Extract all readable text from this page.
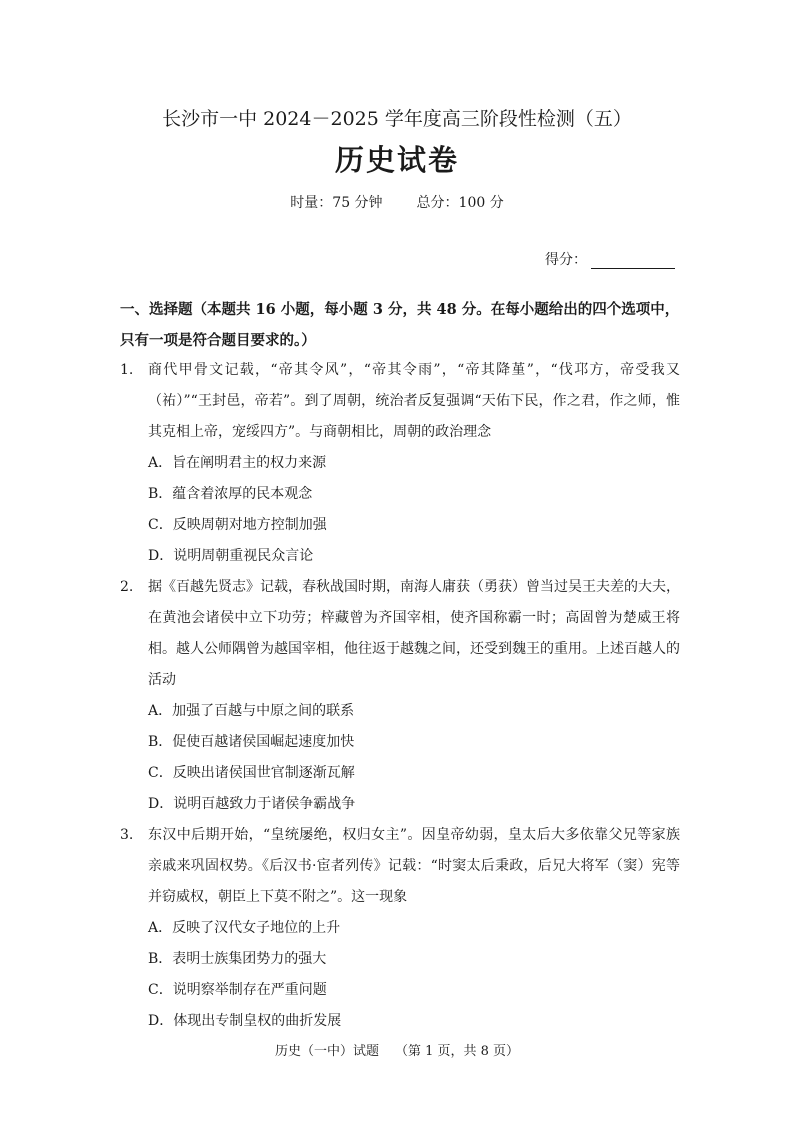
长沙市一中 2024－2025 学年度高三阶段性检测（五）
历史试卷
时量：75 分钟 总分：100 分
得分：
一、选择题（本题共 16 小题，每小题 3 分，共 48 分。在每小题给出的四个选项中，只有一项是符合题目要求的。）
1. 商代甲骨文记载，“帝其令风”，“帝其令雨”，“帝其降堇”，“伐邛方，帝受我又（祐）”“王封邑，帝若”。到了周朝，统治者反复强调“天佑下民，作之君，作之师，惟其克相上帝，宠绥四方”。与商朝相比，周朝的政治理念
A．旨在阐明君主的权力来源
B．蕴含着浓厚的民本观念
C．反映周朝对地方控制加强
D．说明周朝重视民众言论
2. 据《百越先贤志》记载，春秋战国时期，南海人庸获（勇获）曾当过吴王夫差的大夫，在黄池会诸侯中立下功劳；梓藏曾为齐国宰相，使齐国称霸一时；高固曾为楚威王将相。越人公师隅曾为越国宰相，他往返于越魏之间，还受到魏王的重用。上述百越人的活动
A．加强了百越与中原之间的联系
B．促使百越诸侯国崛起速度加快
C．反映出诸侯国世官制逐渐瓦解
D．说明百越致力于诸侯争霸战争
3. 东汉中后期开始，“皇统屡绝，权归女主”。因皇帝幼弱，皇太后大多依靠父兄等家族亲戚来巩固权势。《后汉书·宦者列传》记载：“时窦太后秉政，后兄大将军（窦）宪等并窃威权，朝臣上下莫不附之”。这一现象
A．反映了汉代女子地位的上升
B．表明士族集团势力的强大
C．说明察举制存在严重问题
D．体现出专制皇权的曲折发展
历史（一中）试题 （第 1 页，共 8 页）
